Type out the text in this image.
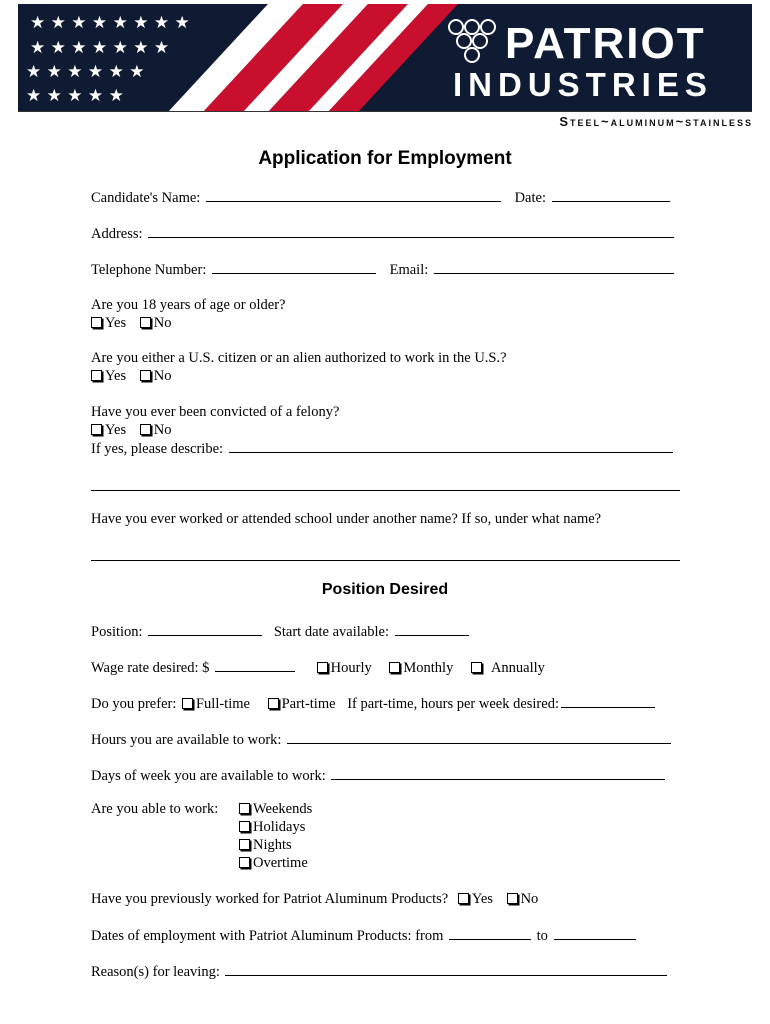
★ ★ ★ ★ ★ ★ ★ ★
★ ★ ★ ★ ★ ★ ★
★ ★ ★ ★ ★ ★
★ ★ ★ ★ ★
PATRIOT
INDUSTRIES
Steel~aluminum~stainless
Application for Employment
Candidate's Name:	Date:
Address:
Telephone Number:	Email:
Are you 18 years of age or older?
Yes No
Are you either a U.S. citizen or an alien authorized to work in the U.S.?
Yes No
Have you ever been convicted of a felony?
Yes No
If yes, please describe:
Have you ever worked or attended school under another name? If so, under what name?
Position Desired
Position:	Start date available:
Wage rate desired: $	Hourly Monthly	Annually
Do you prefer: Full-time Part-time If part-time, hours per week desired:
Hours you are available to work:
Days of week you are available to work:
Are you able to work:	Weekends
Holidays
Nights
Overtime
Have you previously worked for Patriot Aluminum Products? Yes No
Dates of employment with Patriot Aluminum Products: from	to
Reason(s) for leaving:
